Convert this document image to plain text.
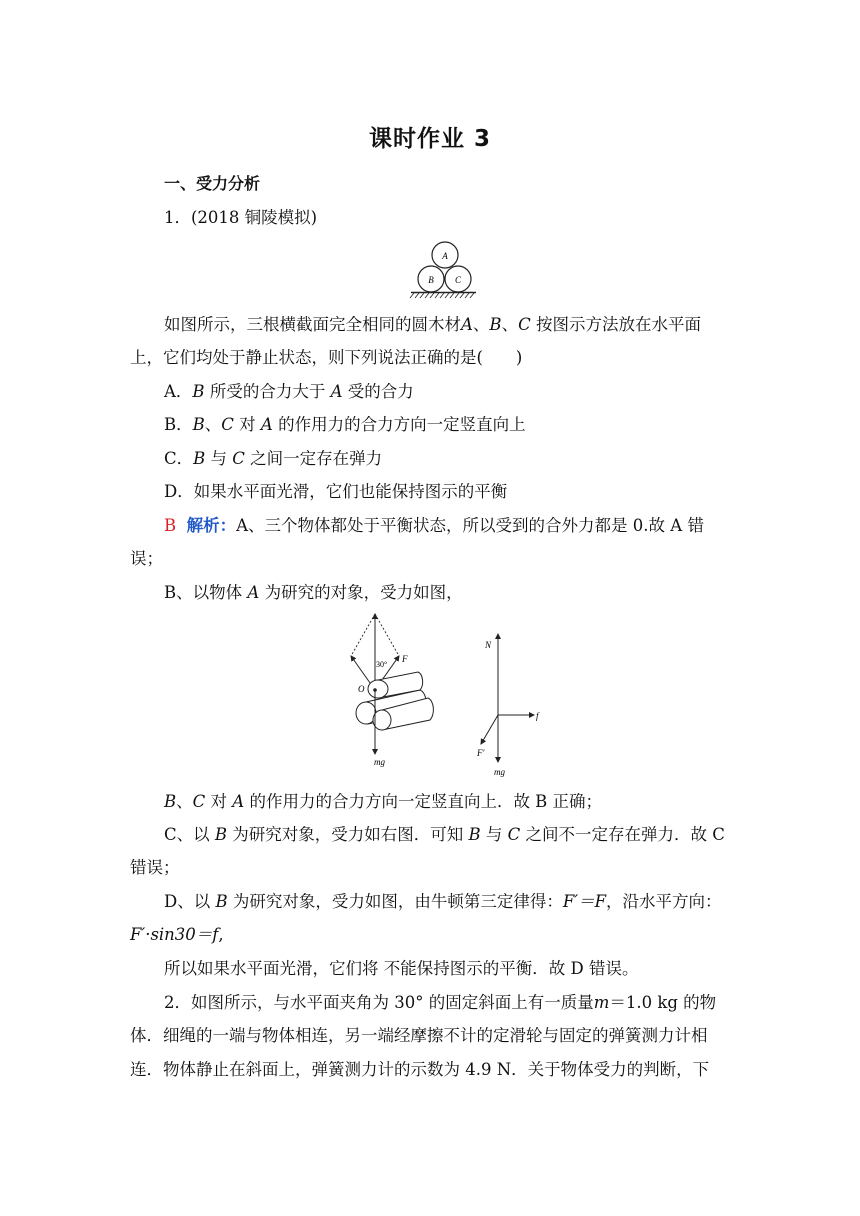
课时作业 3
一、受力分析
1．(2018 铜陵模拟)
A
B C
如图所示，三根横截面完全相同的圆木材A、B、C 按图示方法放在水平面
上，它们均处于静止状态，则下列说法正确的是(　　)
A．B 所受的合力大于 A 受的合力
B．B、C 对 A 的作用力的合力方向一定竖直向上
C．B 与 C 之间一定存在弹力
D．如果水平面光滑，它们也能保持图示的平衡
B 解析：A、三个物体都处于平衡状态，所以受到的合外力都是 0.故 A 错
误；
B、以物体 A 为研究的对象，受力如图，
30°
F
O
mg
N
f
F′
mg
B、C 对 A 的作用力的合力方向一定竖直向上．故 B 正确；
C、以 B 为研究对象，受力如右图．可知 B 与 C 之间不一定存在弹力．故 C
错误；
D、以 B 为研究对象，受力如图，由牛顿第三定律得：F′＝F，沿水平方向：
F′·sin30＝f,
所以如果水平面光滑，它们将 不能保持图示的平衡．故 D 错误。
2．如图所示，与水平面夹角为 30° 的固定斜面上有一质量m＝1.0 kg 的物
体．细绳的一端与物体相连，另一端经摩擦不计的定滑轮与固定的弹簧测力计相
连．物体静止在斜面上，弹簧测力计的示数为 4.9 N．关于物体受力的判断，下
